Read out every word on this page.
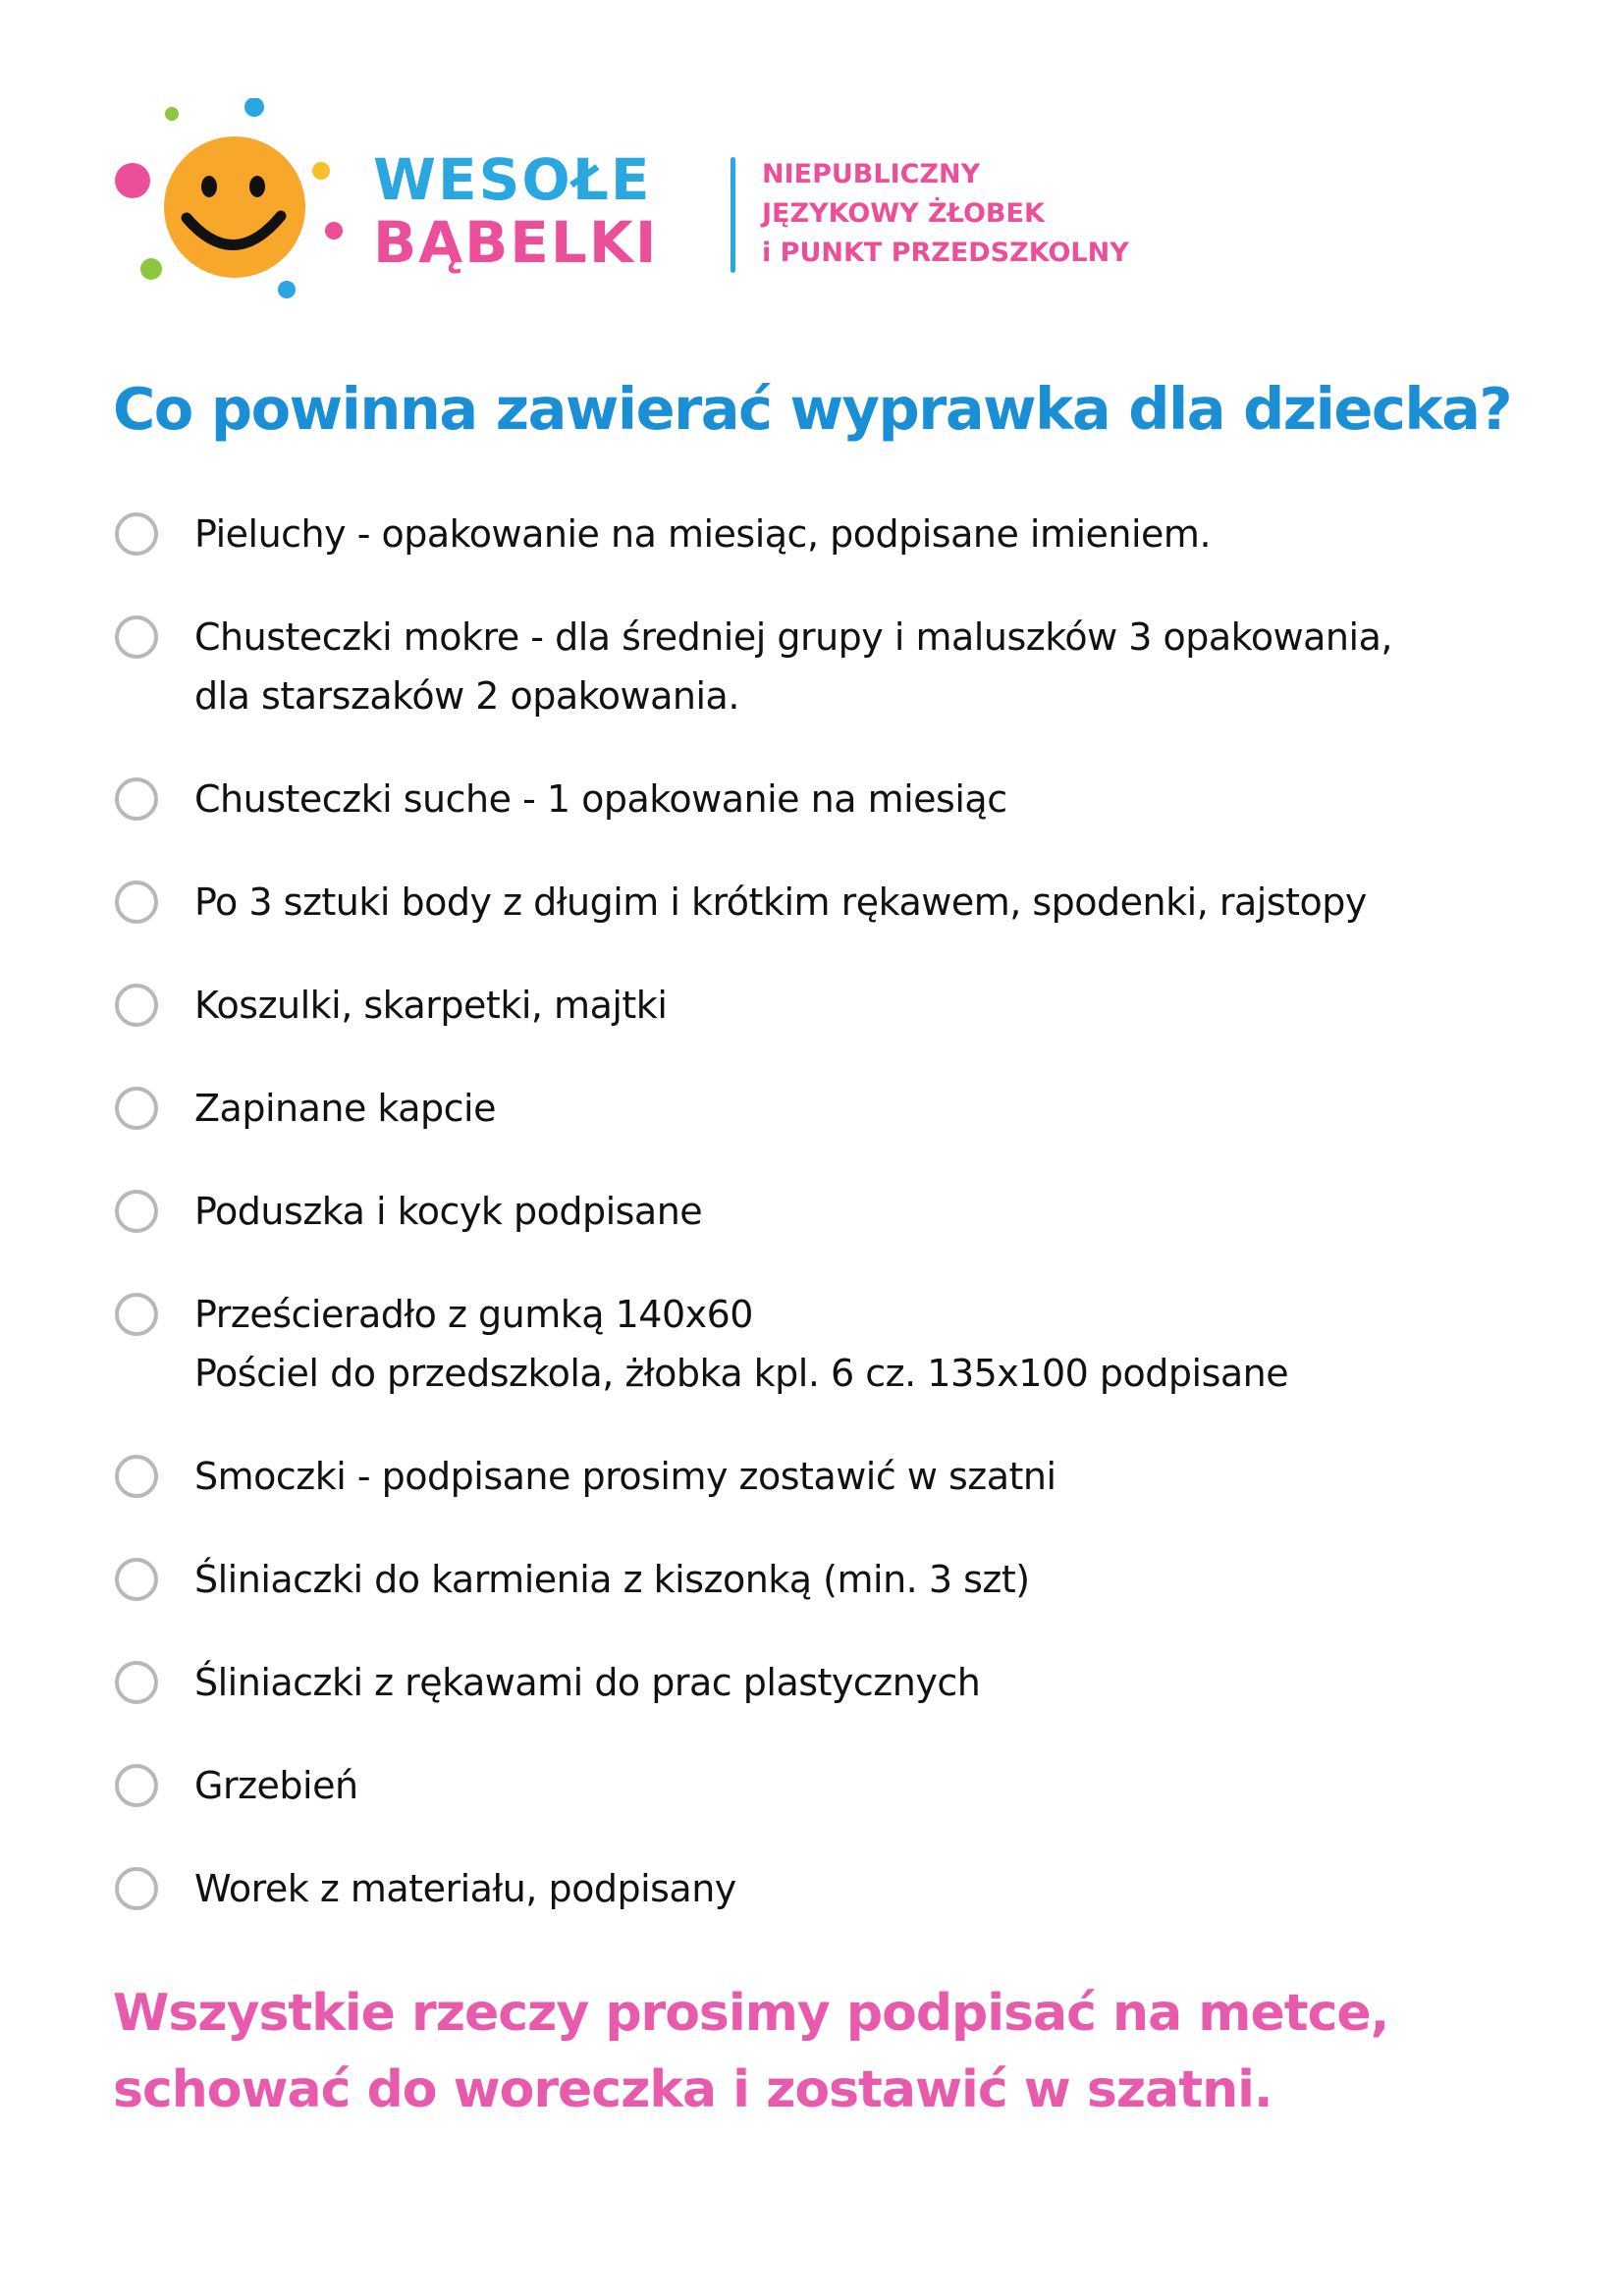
WESOŁE
BĄBELKI
NIEPUBLICZNY
JĘZYKOWY ŻŁOBEK
i PUNKT PRZEDSZKOLNY
Co powinna zawierać wyprawka dla dziecka?
Pieluchy - opakowanie na miesiąc, podpisane imieniem.
Chusteczki mokre - dla średniej grupy i maluszków 3 opakowania,
dla starszaków 2 opakowania.
Chusteczki suche - 1 opakowanie na miesiąc
Po 3 sztuki body z długim i krótkim rękawem, spodenki, rajstopy
Koszulki, skarpetki, majtki
Zapinane kapcie
Poduszka i kocyk podpisane
Prześcieradło z gumką 140x60
Pościel do przedszkola, żłobka kpl. 6 cz. 135x100 podpisane
Smoczki - podpisane prosimy zostawić w szatni
Śliniaczki do karmienia z kiszonką (min. 3 szt)
Śliniaczki z rękawami do prac plastycznych
Grzebień
Worek z materiału, podpisany

Wszystkie rzeczy prosimy podpisać na metce,
schować do woreczka i zostawić w szatni.
